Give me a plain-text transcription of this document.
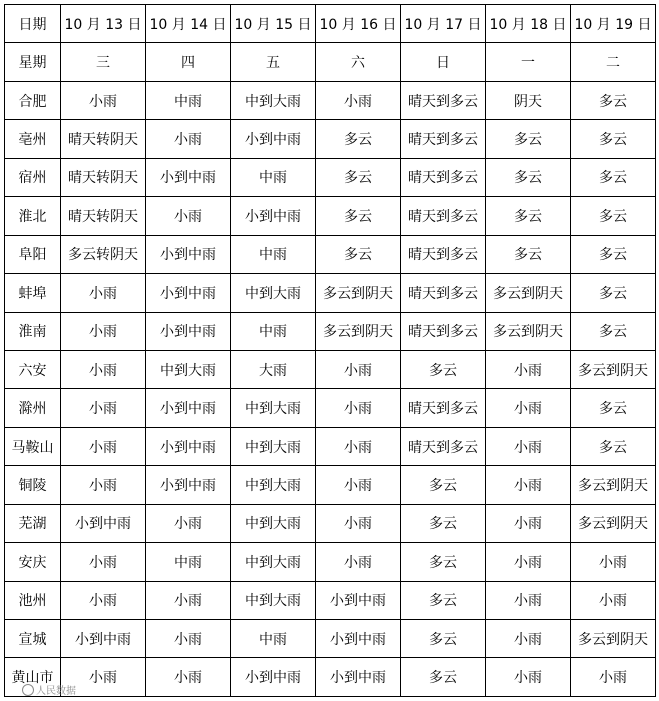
日期	10 月 13 日	10 月 14 日	10 月 15 日	10 月 16 日	10 月 17 日	10 月 18 日	10 月 19 日
星期	三	四	五	六	日	一	二
合肥	小雨	中雨	中到大雨	小雨	晴天到多云	阴天	多云
亳州	晴天转阴天	小雨	小到中雨	多云	晴天到多云	多云	多云
宿州	晴天转阴天	小到中雨	中雨	多云	晴天到多云	多云	多云
淮北	晴天转阴天	小雨	小到中雨	多云	晴天到多云	多云	多云
阜阳	多云转阴天	小到中雨	中雨	多云	晴天到多云	多云	多云
蚌埠	小雨	小到中雨	中到大雨	多云到阴天	晴天到多云	多云到阴天	多云
淮南	小雨	小到中雨	中雨	多云到阴天	晴天到多云	多云到阴天	多云
六安	小雨	中到大雨	大雨	小雨	多云	小雨	多云到阴天
滁州	小雨	小到中雨	中到大雨	小雨	晴天到多云	小雨	多云
马鞍山	小雨	小到中雨	中到大雨	小雨	晴天到多云	小雨	多云
铜陵	小雨	小到中雨	中到大雨	小雨	多云	小雨	多云到阴天
芜湖	小到中雨	小雨	中到大雨	小雨	多云	小雨	多云到阴天
安庆	小雨	中雨	中到大雨	小雨	多云	小雨	小雨
池州	小雨	小雨	中到大雨	小到中雨	多云	小雨	小雨
宣城	小到中雨	小雨	中雨	小到中雨	多云	小雨	多云到阴天
黄山市	小雨	小雨	小到中雨	小到中雨	多云	小雨	小雨
人民数据
